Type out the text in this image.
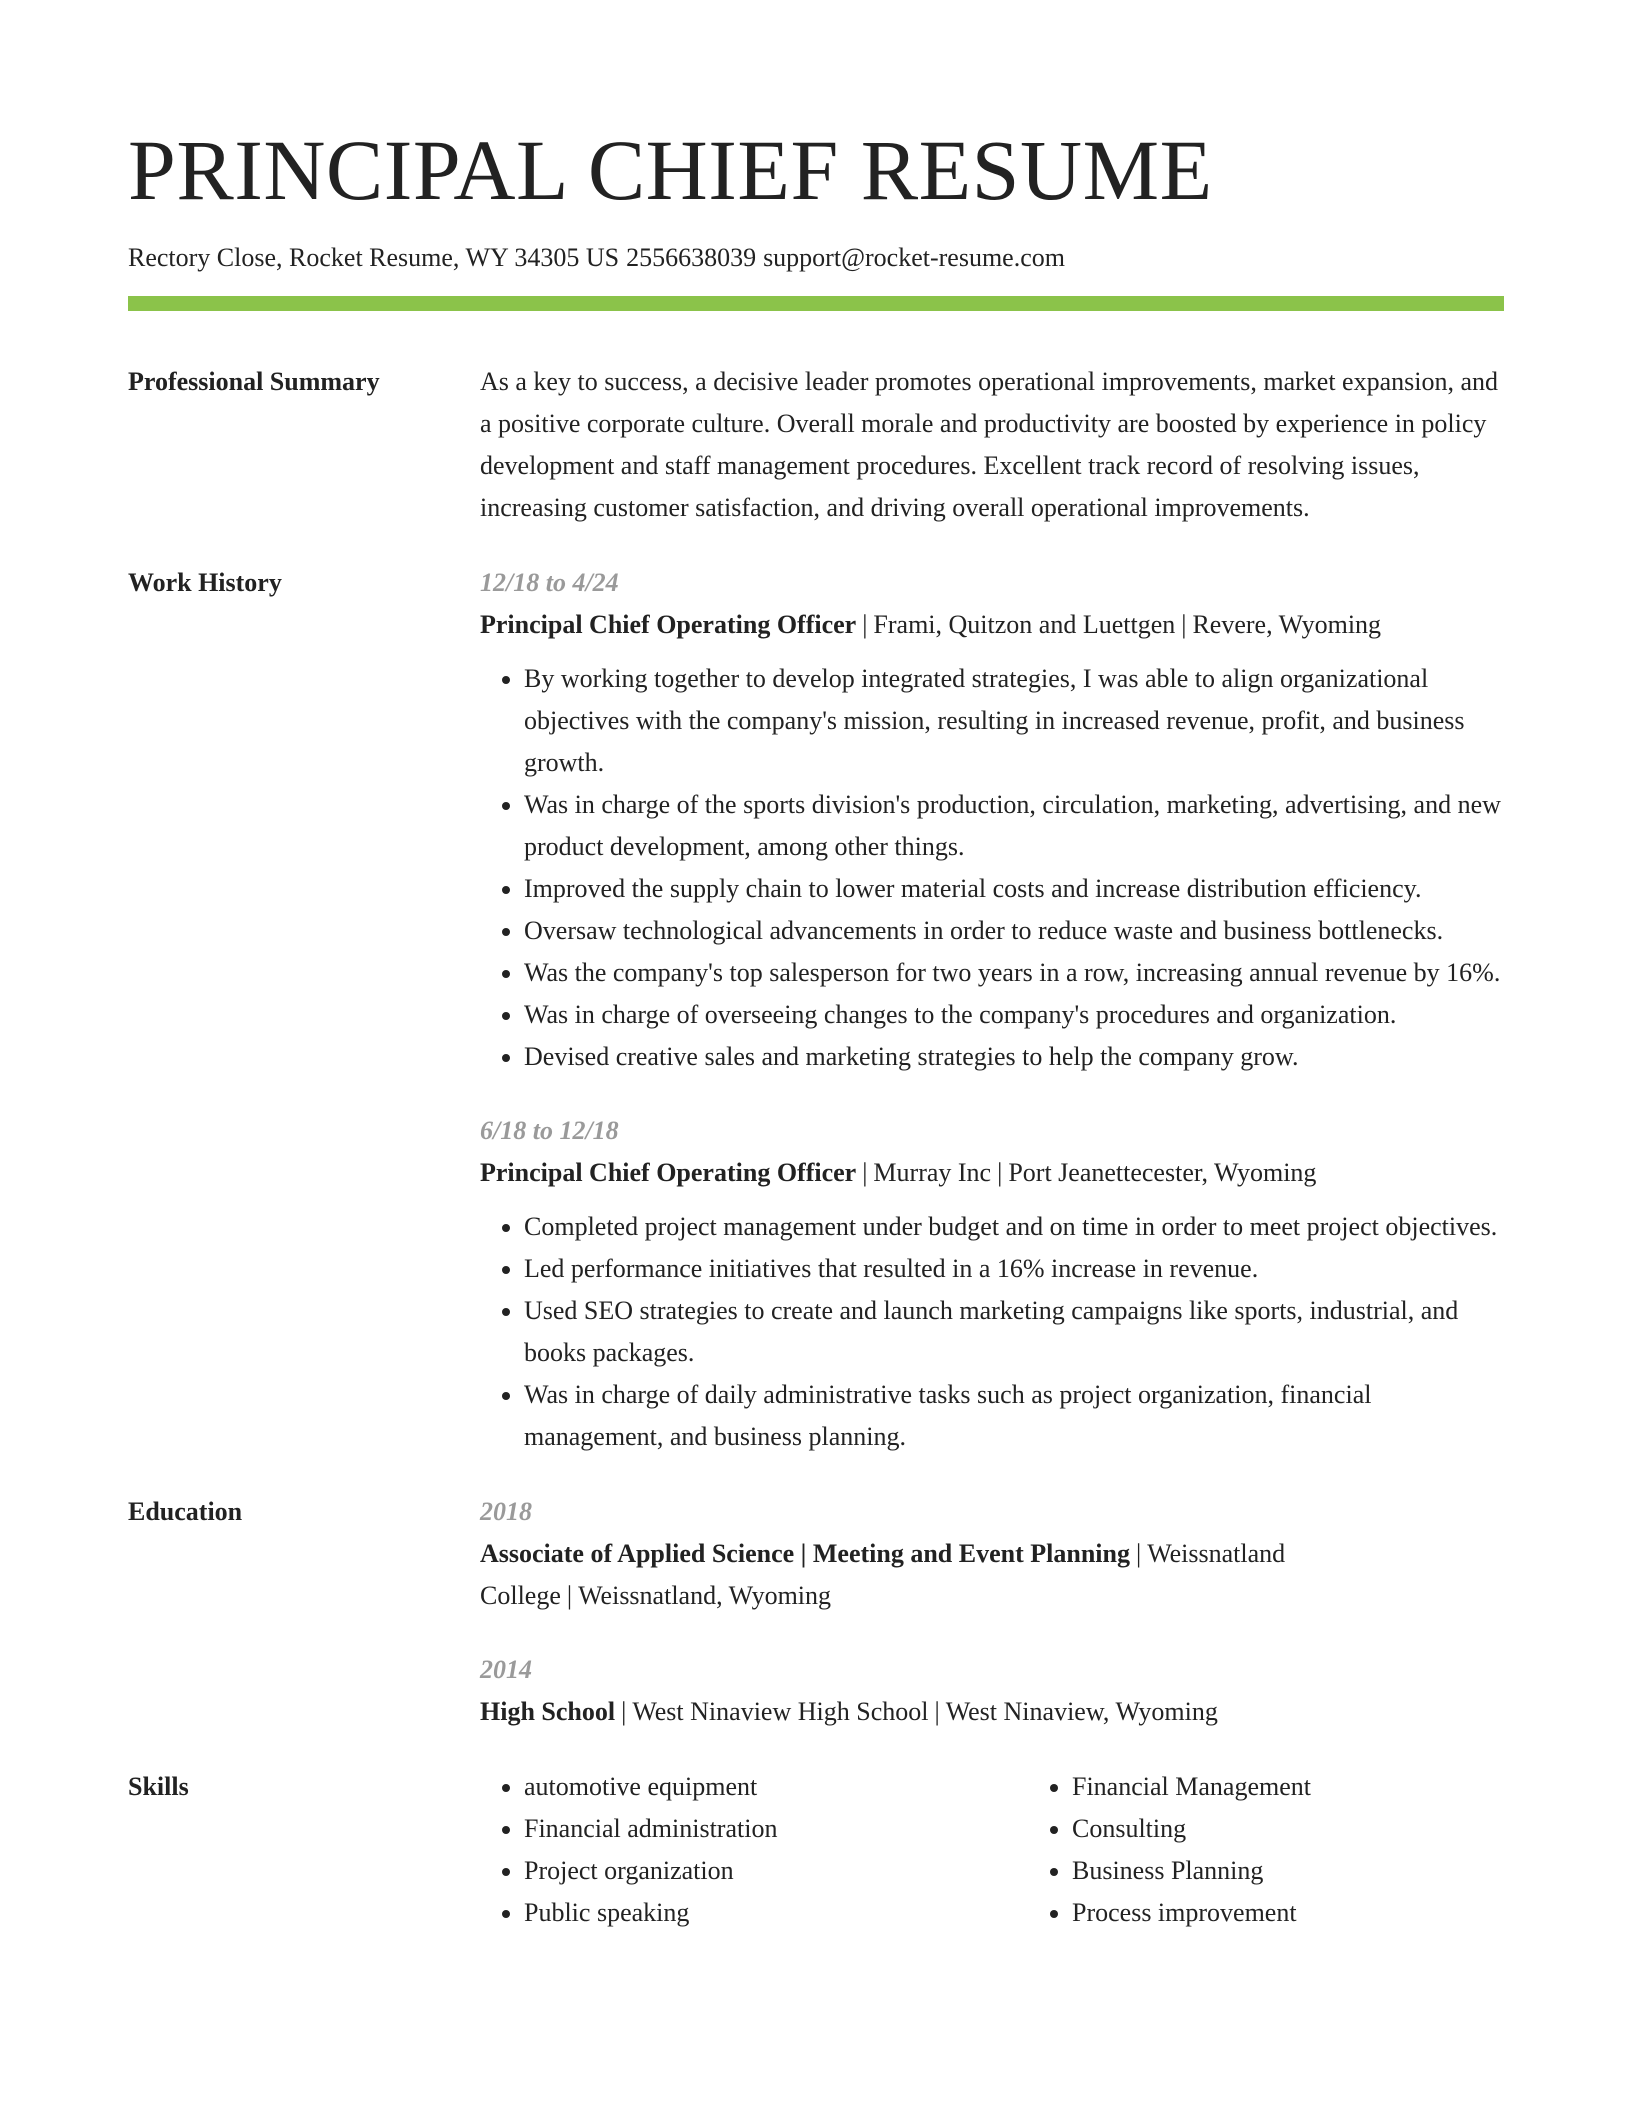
PRINCIPAL CHIEF RESUME
Rectory Close, Rocket Resume, WY 34305 US 2556638039 support@rocket-resume.com
Professional Summary	As a key to success, a decisive leader promotes operational improvements, market expansion, and a positive corporate culture. Overall morale and productivity are boosted by experience in policy development and staff management procedures. Excellent track record of resolving issues, increasing customer satisfaction, and driving overall operational improvements.

Work History	12/18 to 4/24
Principal Chief Operating Officer | Frami, Quitzon and Luettgen | Revere, Wyoming
• By working together to develop integrated strategies, I was able to align organizational objectives with the company's mission, resulting in increased revenue, profit, and business growth.
• Was in charge of the sports division's production, circulation, marketing, advertising, and new product development, among other things.
• Improved the supply chain to lower material costs and increase distribution efficiency.
• Oversaw technological advancements in order to reduce waste and business bottlenecks.
• Was the company's top salesperson for two years in a row, increasing annual revenue by 16%.
• Was in charge of overseeing changes to the company's procedures and organization.
• Devised creative sales and marketing strategies to help the company grow.
6/18 to 12/18
Principal Chief Operating Officer | Murray Inc | Port Jeanettecester, Wyoming
• Completed project management under budget and on time in order to meet project objectives.
• Led performance initiatives that resulted in a 16% increase in revenue.
• Used SEO strategies to create and launch marketing campaigns like sports, industrial, and books packages.
• Was in charge of daily administrative tasks such as project organization, financial management, and business planning.
Education	2018
Associate of Applied Science | Meeting and Event Planning | Weissnatland College | Weissnatland, Wyoming
2014
High School | West Ninaview High School | West Ninaview, Wyoming
Skills
•	automotive equipment
• Financial administration
• Project organization
• Public speaking
• Financial Management
• Consulting
• Business Planning
• Process improvement
